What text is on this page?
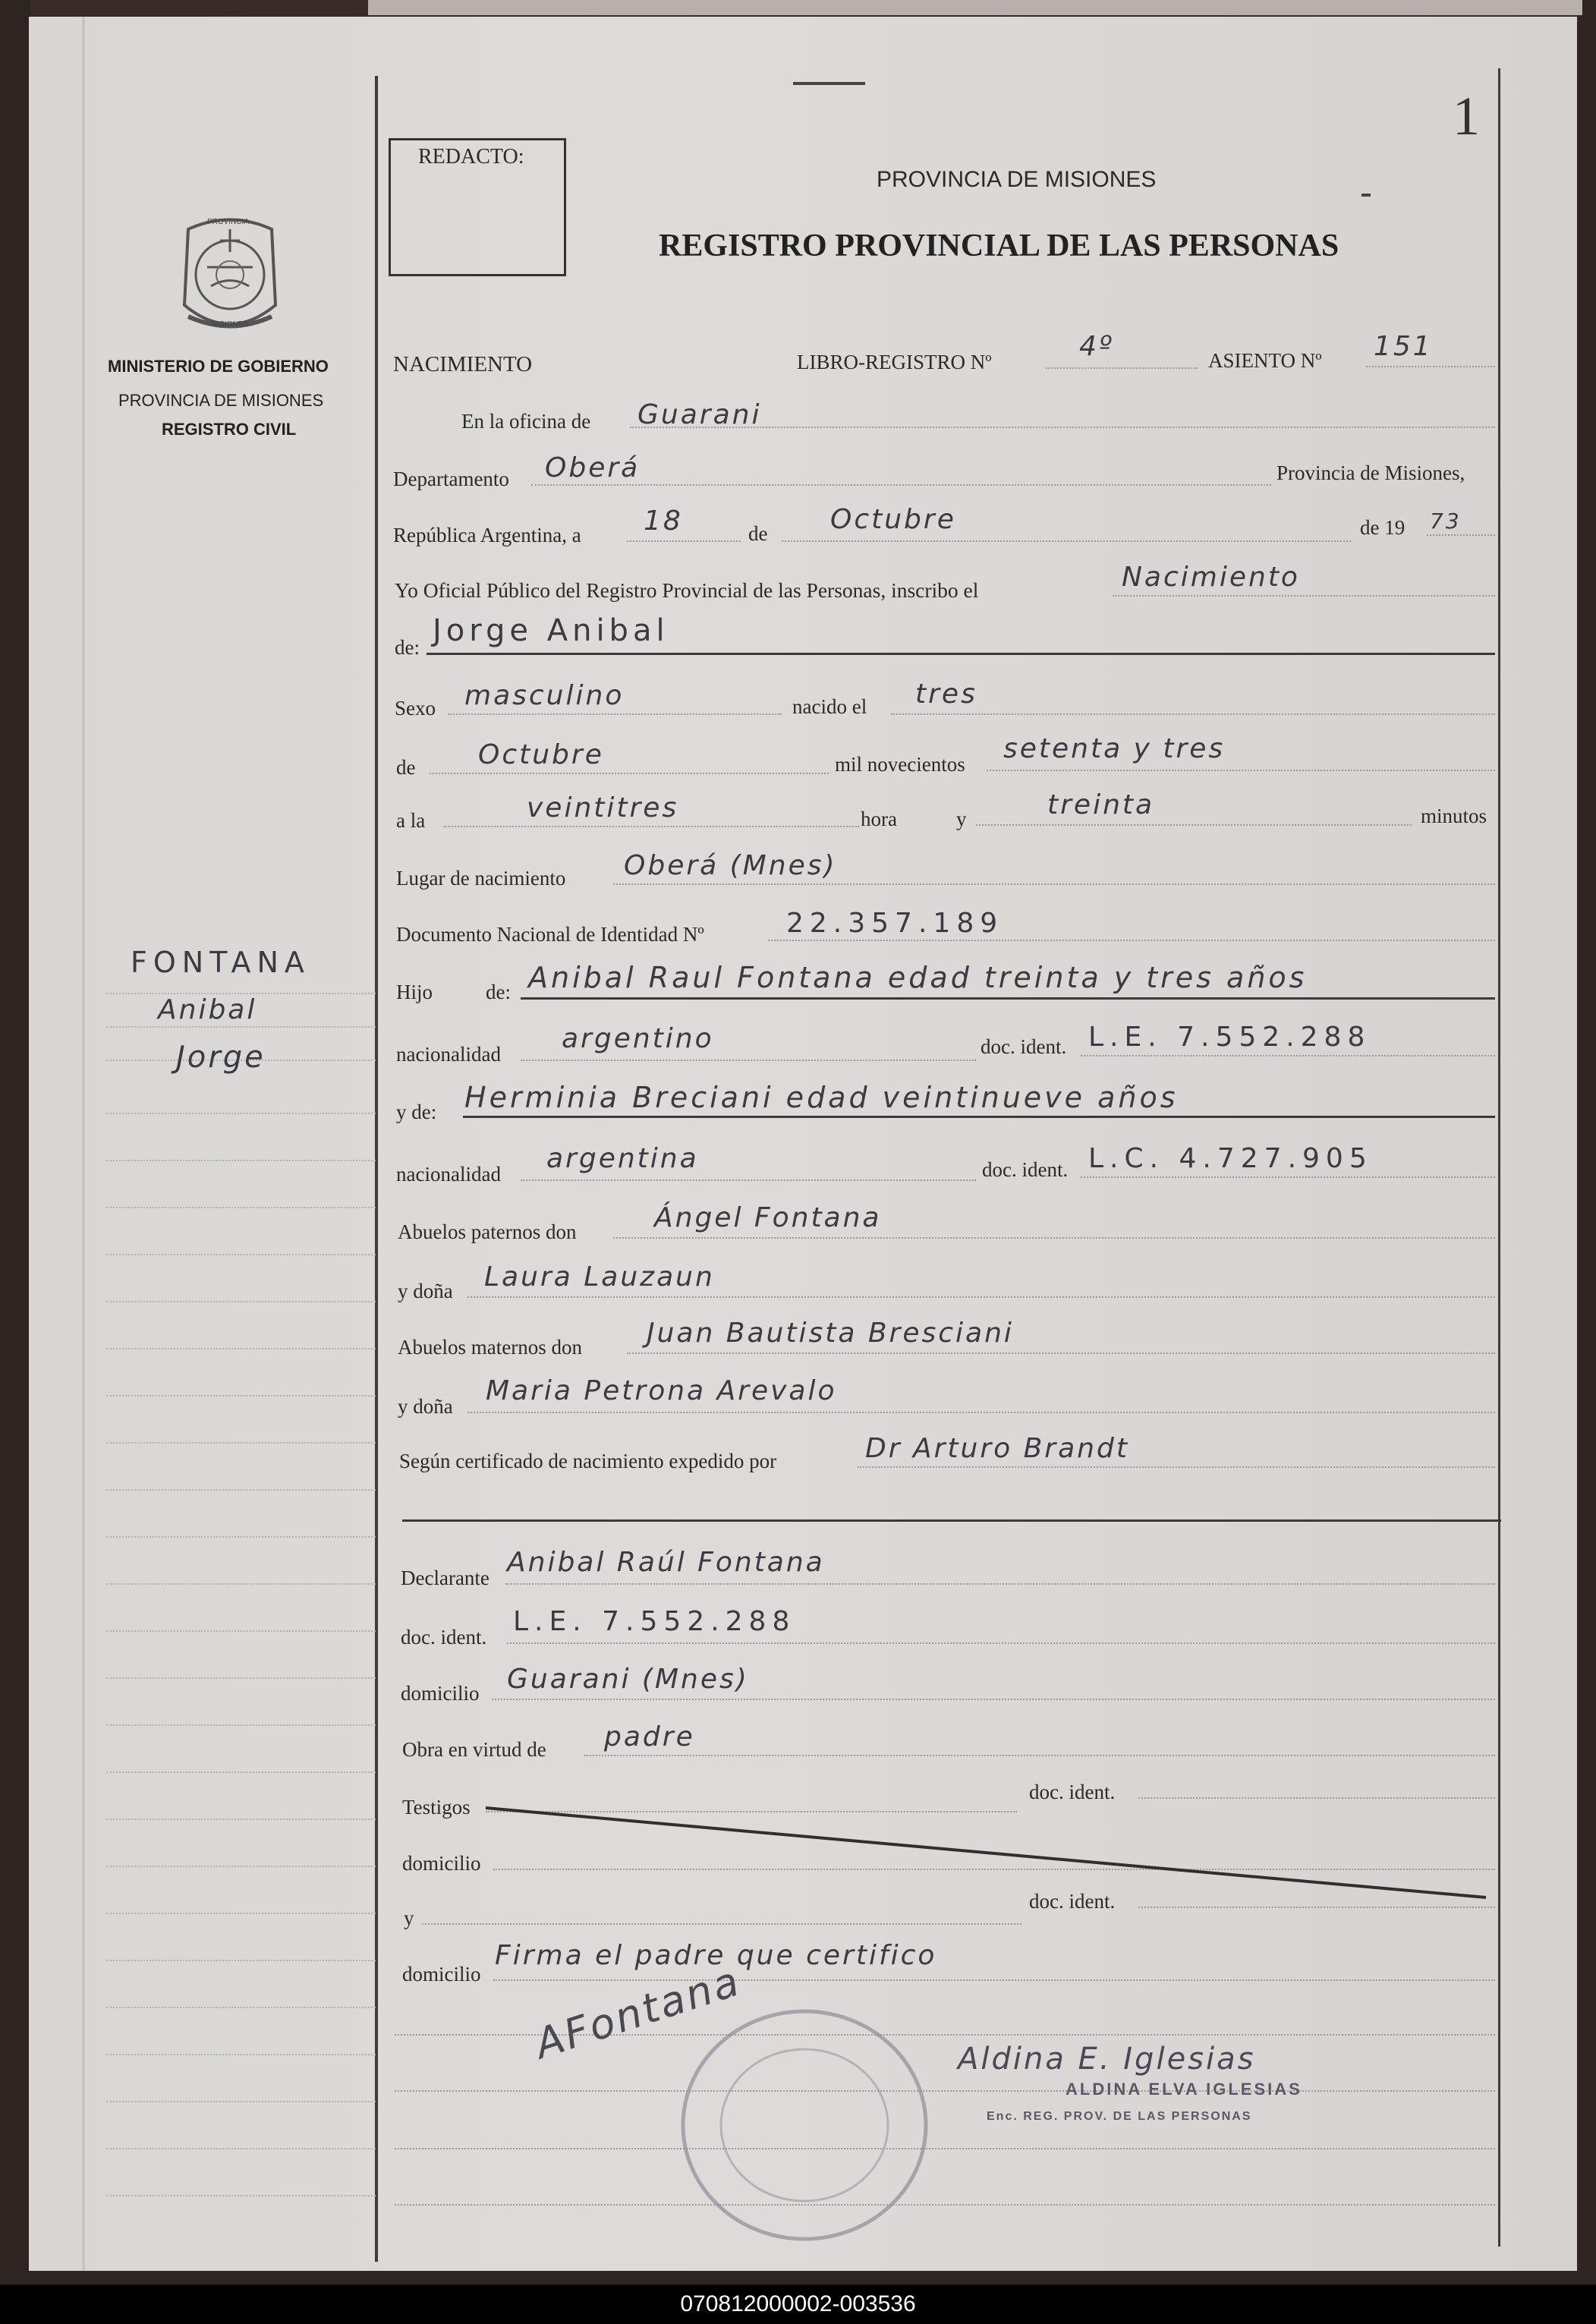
1
REDACTO:
PROVINCIA DE MISIONES
REGISTRO PROVINCIAL DE LAS PERSONAS
PROVINCIA
MISIONES
MINISTERIO DE GOBIERNO
PROVINCIA DE MISIONES
REGISTRO CIVIL
FONTANA
Anibal
Jorge
NACIMIENTO	LIBRO-REGISTRO Nº	4º	ASIENTO Nº 151
En la oficina de Guarani
Departamento Oberá	Provincia de Misiones,
República Argentina, a 18	de Octubre	de 19 73
Yo Oficial Público del Registro Provincial de las Personas, inscribo el	Nacimiento
de: Jorge Anibal
Sexo masculino	nacido el tres
de Octubre	mil novecientos setenta y tres
a la	veintitres	hora	y	treinta	minutos
Lugar de nacimiento Oberá (Mnes)
Documento Nacional de Identidad Nº	22.357.189
Hijo	de: Anibal Raul Fontana edad treinta y tres años
nacionalidad argentino	doc. ident. L.E. 7.552.288
y de: Herminia Breciani edad veintinueve años
nacionalidad argentina	doc. ident. L.C. 4.727.905
Abuelos paternos don	Ángel Fontana
y doña Laura Lauzaun
Abuelos maternos don Juan Bautista Bresciani
y doña Maria Petrona Arevalo
Según certificado de nacimiento expedido por	Dr Arturo Brandt
Declarante Anibal Raúl Fontana
doc. ident. L.E. 7.552.288
domicilio Guarani (Mnes)
Obra en virtud de padre
Testigos
doc. ident.
domicilio
y
doc. ident.
domicilio
Firma el padre que certifico
AFontana	Aldina E. Iglesias
ALDINA ELVA IGLESIAS
Enc. REG. PROV. DE LAS PERSONAS
070812000002-003536
